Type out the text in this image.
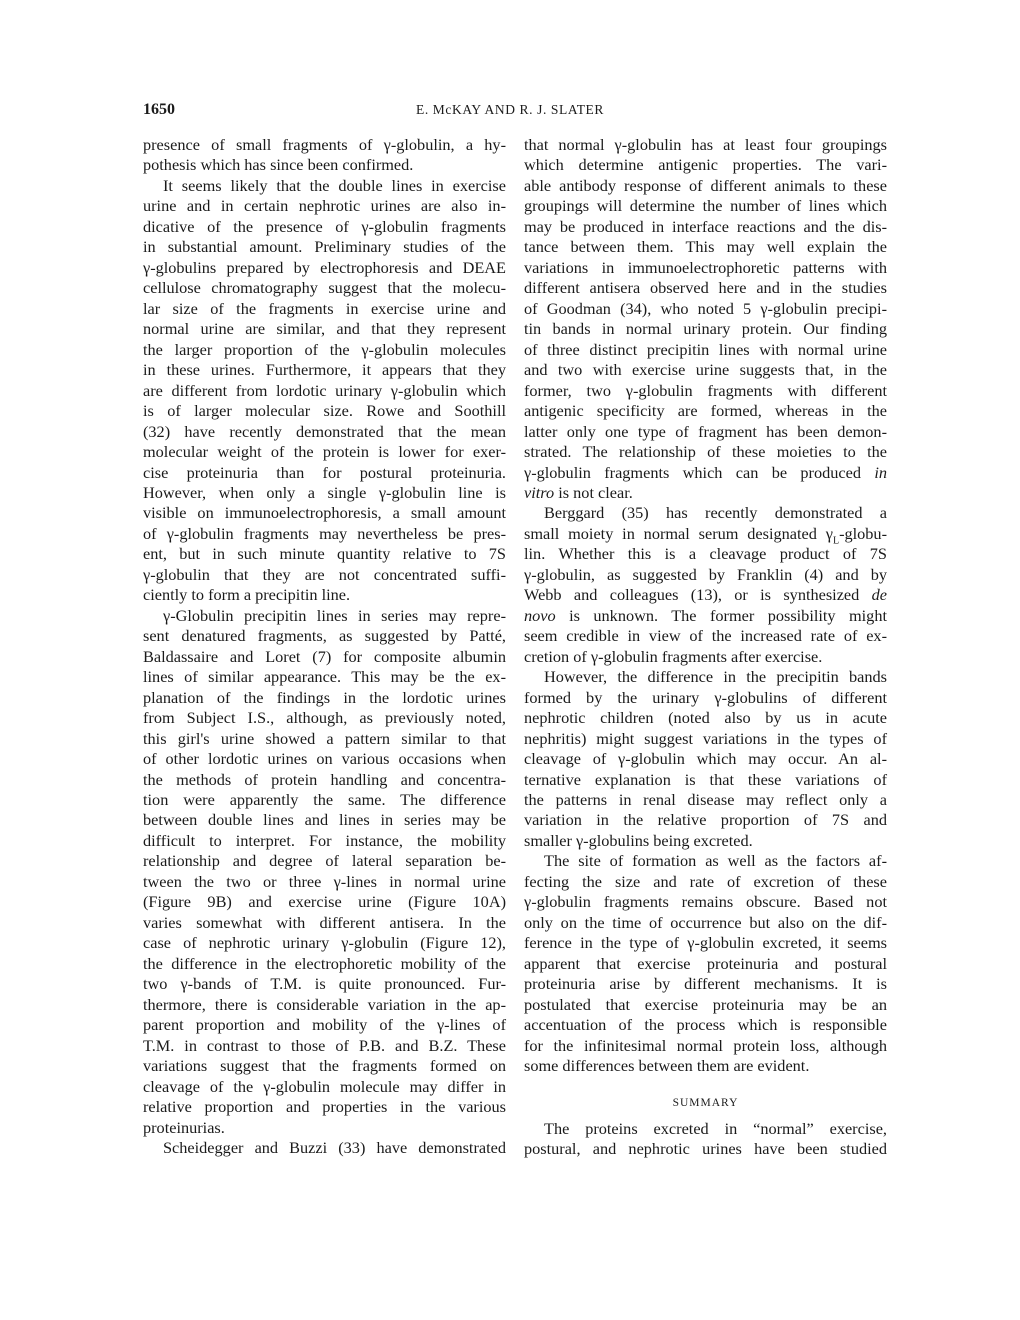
1650	E. McKAY AND R. J. SLATER
presence of small fragments of γ-globulin, a hy-
pothesis which has since been confirmed.
It seems likely that the double lines in exercise
urine and in certain nephrotic urines are also in-
dicative of the presence of γ-globulin fragments
in substantial amount. Preliminary studies of the
γ-globulins prepared by electrophoresis and DEAE
cellulose chromatography suggest that the molecu-
lar size of the fragments in exercise urine and
normal urine are similar, and that they represent
the larger proportion of the γ-globulin molecules
in these urines. Furthermore, it appears that they
are different from lordotic urinary γ-globulin which
is of larger molecular size. Rowe and Soothill
(32) have recently demonstrated that the mean
molecular weight of the protein is lower for exer-
cise proteinuria than for postural proteinuria.
However, when only a single γ-globulin line is
visible on immunoelectrophoresis, a small amount
of γ-globulin fragments may nevertheless be pres-
ent, but in such minute quantity relative to 7S
γ-globulin that they are not concentrated suffi-
ciently to form a precipitin line.
γ-Globulin precipitin lines in series may repre-
sent denatured fragments, as suggested by Patté,
Baldassaire and Loret (7) for composite albumin
lines of similar appearance. This may be the ex-
planation of the findings in the lordotic urines
from Subject I.S., although, as previously noted,
this girl's urine showed a pattern similar to that
of other lordotic urines on various occasions when
the methods of protein handling and concentra-
tion were apparently the same. The difference
between double lines and lines in series may be
difficult to interpret. For instance, the mobility
relationship and degree of lateral separation be-
tween the two or three γ-lines in normal urine
(Figure 9B) and exercise urine (Figure 10A)
varies somewhat with different antisera. In the
case of nephrotic urinary γ-globulin (Figure 12),
the difference in the electrophoretic mobility of the
two γ-bands of T.M. is quite pronounced. Fur-
thermore, there is considerable variation in the ap-
parent proportion and mobility of the γ-lines of
T.M. in contrast to those of P.B. and B.Z. These
variations suggest that the fragments formed on
cleavage of the γ-globulin molecule may differ in
relative proportion and properties in the various
proteinurias.
Scheidegger and Buzzi (33) have demonstrated
that normal γ-globulin has at least four groupings
which determine antigenic properties. The vari-
able antibody response of different animals to these
groupings will determine the number of lines which
may be produced in interface reactions and the dis-
tance between them. This may well explain the
variations in immunoelectrophoretic patterns with
different antisera observed here and in the studies
of Goodman (34), who noted 5 γ-globulin precipi-
tin bands in normal urinary protein. Our finding
of three distinct precipitin lines with normal urine
and two with exercise urine suggests that, in the
former, two γ-globulin fragments with different
antigenic specificity are formed, whereas in the
latter only one type of fragment has been demon-
strated. The relationship of these moieties to the
γ-globulin fragments which can be produced in
vitro is not clear.
Berggard (35) has recently demonstrated a
small moiety in normal serum designated $\gamma_L-globu-$
lin. Whether this is a cleavage product of 7S
γ-globulin, as suggested by Franklin (4) and by
Webb and colleagues (13), or is synthesized de
novo is unknown. The former possibility might
seem credible in view of the increased rate of ex-
cretion of γ-globulin fragments after exercise.
However, the difference in the precipitin bands
formed by the urinary γ-globulins of different
nephrotic children (noted also by us in acute
nephritis) might suggest variations in the types of
cleavage of γ-globulin which may occur. An al-
ternative explanation is that these variations of
the patterns in renal disease may reflect only a
variation in the relative proportion of 7S and
smaller γ-globulins being excreted.
The site of formation as well as the factors af-
fecting the size and rate of excretion of these
γ-globulin fragments remains obscure. Based not
only on the time of occurrence but also on the dif-
ference in the type of γ-globulin excreted, it seems
apparent that exercise proteinuria and postural
proteinuria arise by different mechanisms. It is
postulated that exercise proteinuria may be an
accentuation of the process which is responsible
for the infinitesimal normal protein loss, although
some differences between them are evident.
SUMMARY
The proteins excreted in “normal” exercise,
postural, and nephrotic urines have been studied
